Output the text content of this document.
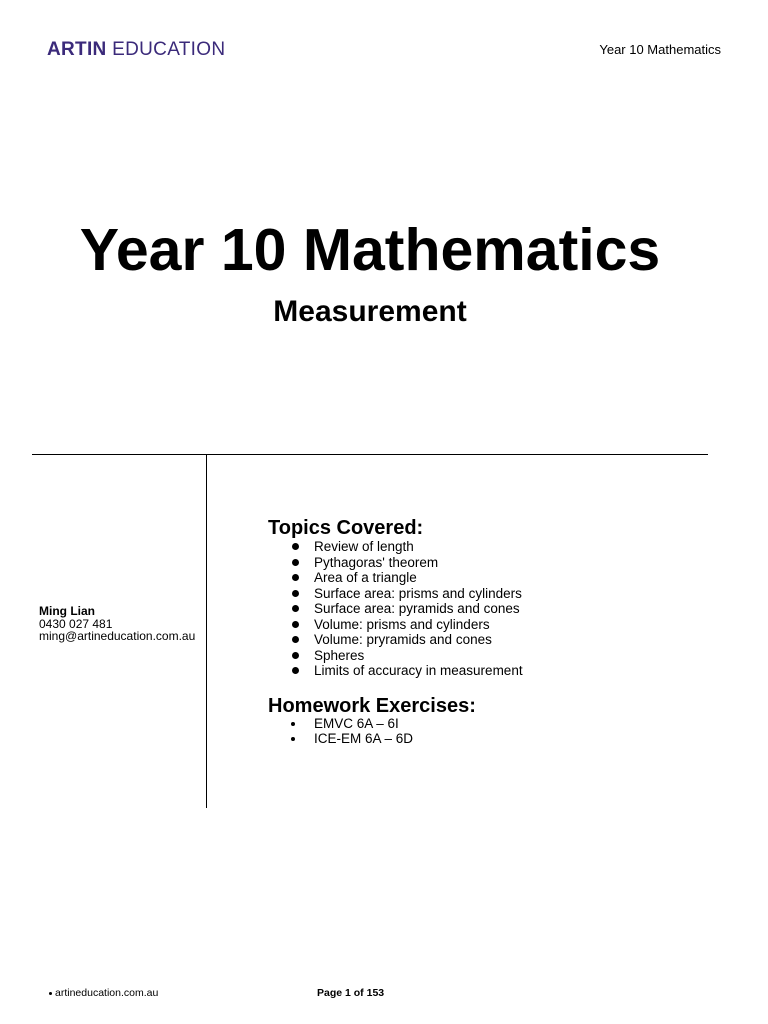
ARTIN EDUCATION	Year 10 Mathematics
Year 10 Mathematics
Measurement
Ming Lian
0430 027 481
ming@artineducation.com.au
Topics Covered:
Review of length
Pythagoras' theorem
Area of a triangle
Surface area: prisms and cylinders
Surface area: pyramids and cones
Volume: prisms and cylinders
Volume: pryramids and cones
Spheres
Limits of accuracy in measurement
Homework Exercises:
EMVC 6A – 6I
ICE-EM 6A – 6D
artineducation.com.au	Page 1 of 153
